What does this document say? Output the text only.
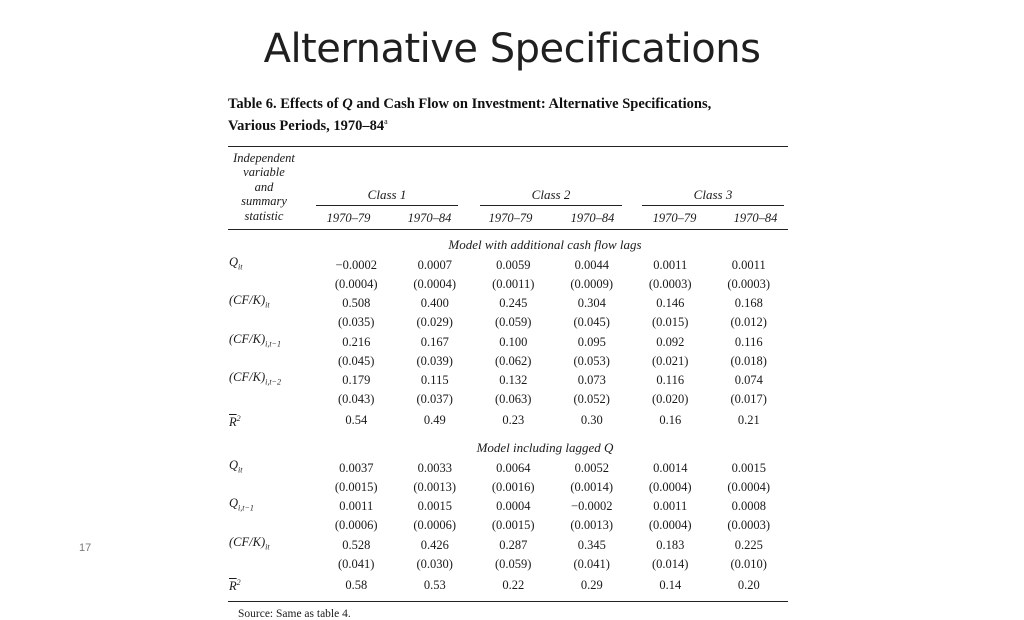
Alternative Specifications
Table 6. Effects of Q and Cash Flow on Investment: Alternative Specifications,
Various Periods, 1970–84$^a$
Independent
variable
and
summary
statistic
Class 1	Class 2	Class 3
1970–79	1970–84	1970–79	1970–84	1970–79	1970–84
Model with additional cash flow lags
$Q_{it}$	−0.0002	0.0007	0.0059	0.0044	0.0011	0.0011
	(0.0004)	(0.0004)	(0.0011)	(0.0009)	(0.0003)	(0.0003)
$(CF/K)_{it}$	0.508	0.400	0.245	0.304	0.146	0.168
	(0.035)	(0.029)	(0.059)	(0.045)	(0.015)	(0.012)
$(CF/K)_{i,t-1}$	0.216	0.167	0.100	0.095	0.092	0.116
	(0.045)	(0.039)	(0.062)	(0.053)	(0.021)	(0.018)
$(CF/K)_{i,t-2}$	0.179	0.115	0.132	0.073	0.116	0.074
	(0.043)	(0.037)	(0.063)	(0.052)	(0.020)	(0.017)
$\overline{R}^2$	0.54	0.49	0.23	0.30	0.16	0.21
Model including lagged Q
$Q_{it}$	0.0037	0.0033	0.0064	0.0052	0.0014	0.0015
	(0.0015)	(0.0013)	(0.0016)	(0.0014)	(0.0004)	(0.0004)
$Q_{i,t-1}$	0.0011	0.0015	0.0004	−0.0002	0.0011	0.0008
	(0.0006)	(0.0006)	(0.0015)	(0.0013)	(0.0004)	(0.0003)
$(CF/K)_{it}$	0.528	0.426	0.287	0.345	0.183	0.225
	(0.041)	(0.030)	(0.059)	(0.041)	(0.014)	(0.010)
$\overline{R}^2$	0.58	0.53	0.22	0.29	0.14	0.20
Source: Same as table 4.
17
